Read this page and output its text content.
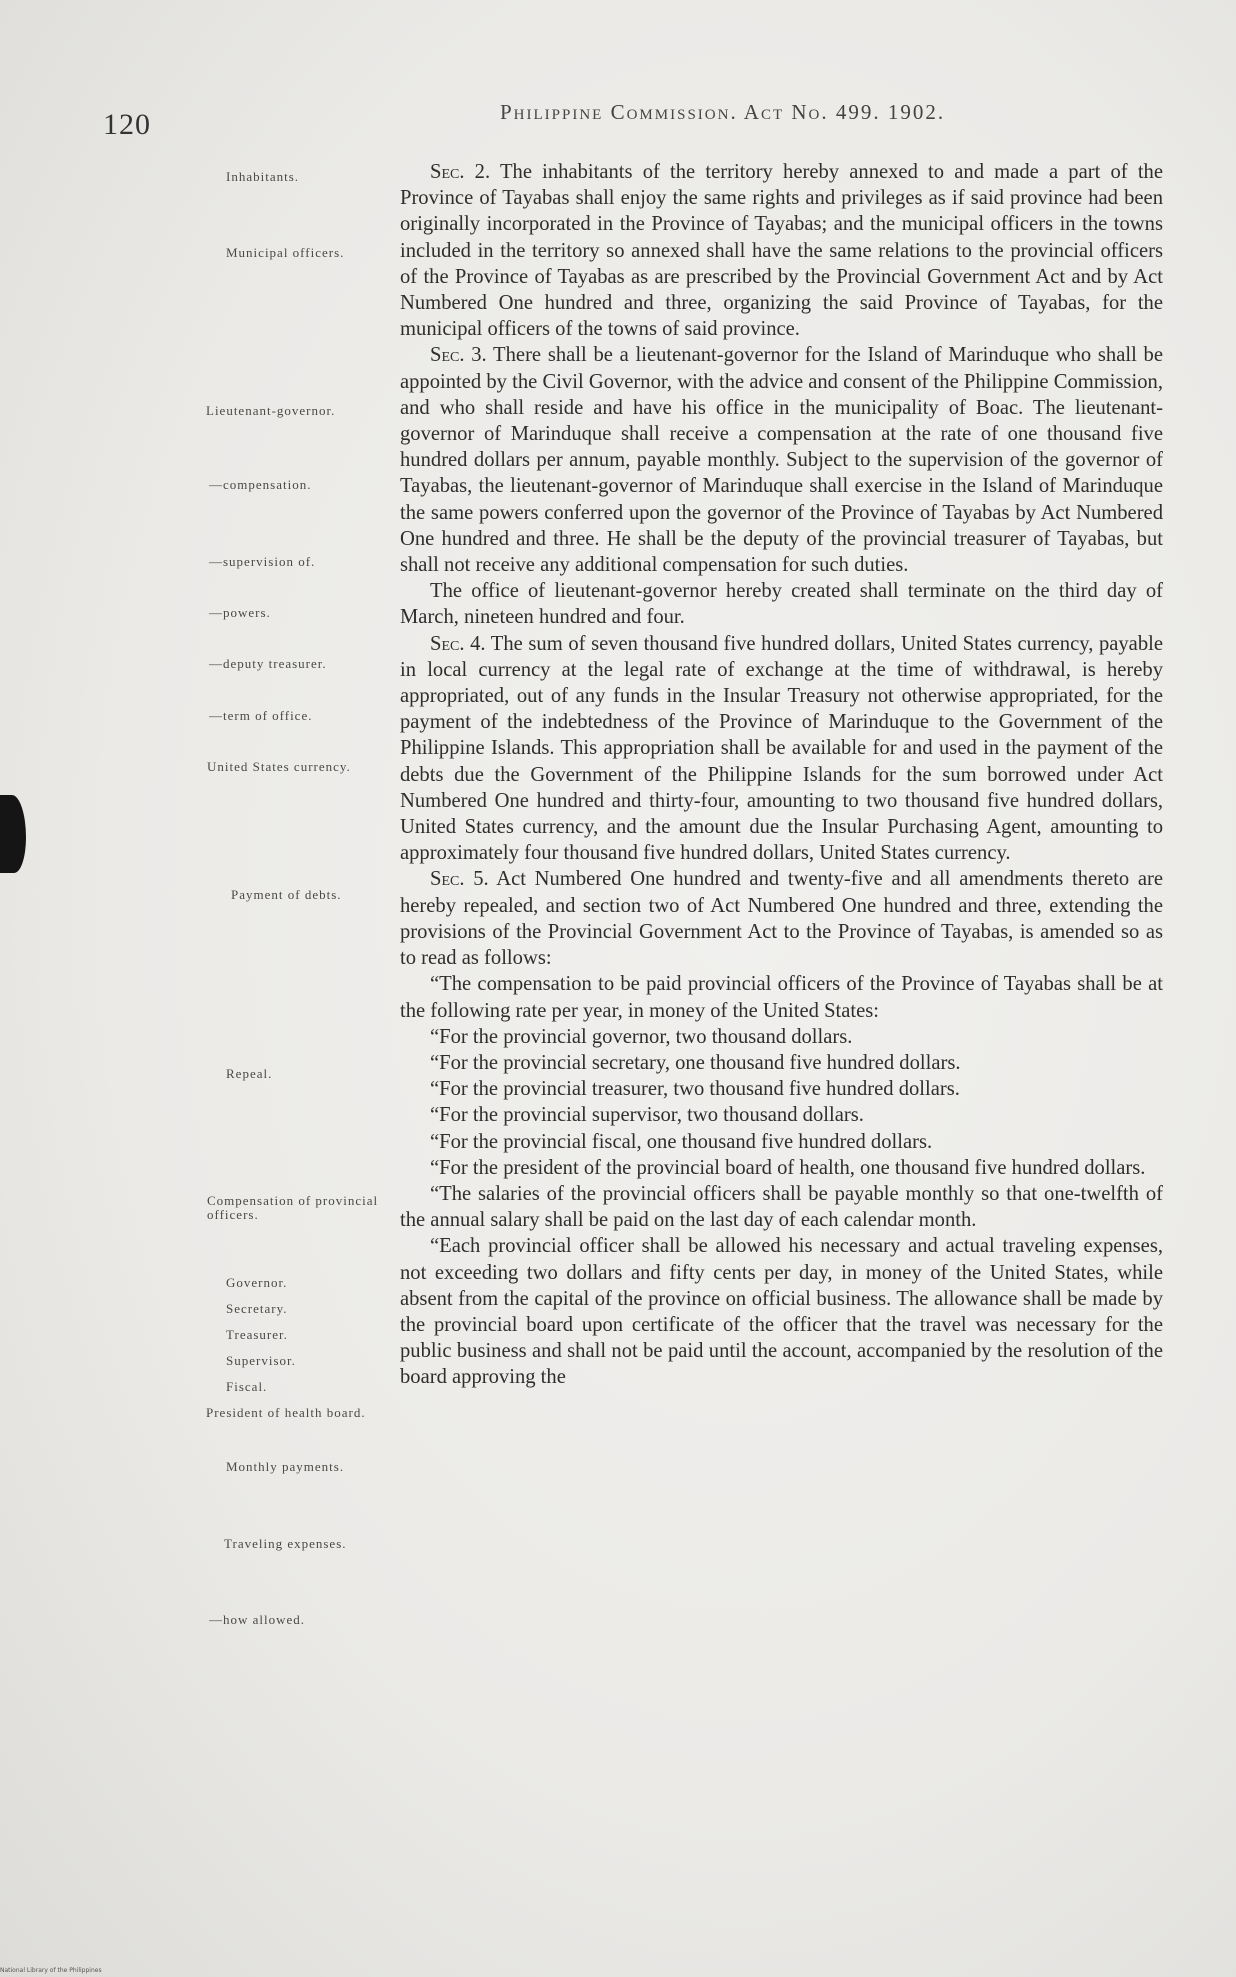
120	Philippine Commission. Act No. 499. 1902.
Inhabitants.
Municipal officers.
Lieutenant-governor.
—compensation.
—supervision of.
—powers.
—deputy treasurer.
—term of office.
United States currency.
Payment of debts.
Repeal.
Compensation of provincial officers.
Governor.
Secretary.
Treasurer.
Supervisor.
Fiscal.
President of health board.
Monthly payments.
Traveling expenses.
—how allowed.

Sec. 2. The inhabitants of the territory hereby annexed to and made a part of the Province of Tayabas shall enjoy the same rights and privileges as if said province had been originally incorporated in the Province of Tayabas; and the municipal officers in the towns included in the territory so annexed shall have the same relations to the provincial officers of the Province of Tayabas as are prescribed by the Provincial Government Act and by Act Numbered One hundred and three, organizing the said Province of Tayabas, for the municipal officers of the towns of said province.

Sec. 3. There shall be a lieutenant-governor for the Island of Marinduque who shall be appointed by the Civil Governor, with the advice and consent of the Philippine Commission, and who shall reside and have his office in the municipality of Boac. The lieutenant-governor of Marinduque shall receive a compensation at the rate of one thousand five hundred dollars per annum, payable monthly. Subject to the supervision of the governor of Tayabas, the lieutenant-governor of Marinduque shall exercise in the Island of Marinduque the same powers conferred upon the governor of the Province of Tayabas by Act Numbered One hundred and three. He shall be the deputy of the provincial treasurer of Tayabas, but shall not receive any additional compensation for such duties.

The office of lieutenant-governor hereby created shall terminate on the third day of March, nineteen hundred and four.

Sec. 4. The sum of seven thousand five hundred dollars, United States currency, payable in local currency at the legal rate of exchange at the time of withdrawal, is hereby appropriated, out of any funds in the Insular Treasury not otherwise appropriated, for the payment of the indebtedness of the Province of Marinduque to the Government of the Philippine Islands. This appropriation shall be available for and used in the payment of the debts due the Government of the Philippine Islands for the sum borrowed under Act Numbered One hundred and thirty-four, amounting to two thousand five hundred dollars, United States currency, and the amount due the Insular Purchasing Agent, amounting to approximately four thousand five hundred dollars, United States currency.

Sec. 5. Act Numbered One hundred and twenty-five and all amendments thereto are hereby repealed, and section two of Act Numbered One hundred and three, extending the provisions of the Provincial Government Act to the Province of Tayabas, is amended so as to read as follows:

“The compensation to be paid provincial officers of the Province of Tayabas shall be at the following rate per year, in money of the United States:

“For the provincial governor, two thousand dollars.

“For the provincial secretary, one thousand five hundred dollars.

“For the provincial treasurer, two thousand five hundred dollars.

“For the provincial supervisor, two thousand dollars.

“For the provincial fiscal, one thousand five hundred dollars.

“For the president of the provincial board of health, one thousand five hundred dollars.

“The salaries of the provincial officers shall be payable monthly so that one-twelfth of the annual salary shall be paid on the last day of each calendar month.

“Each provincial officer shall be allowed his necessary and actual traveling expenses, not exceeding two dollars and fifty cents per day, in money of the United States, while absent from the capital of the province on official business. The allowance shall be made by the provincial board upon certificate of the officer that the travel was necessary for the public business and shall not be paid until the account, accompanied by the resolution of the board approving the

National Library of the Philippines
